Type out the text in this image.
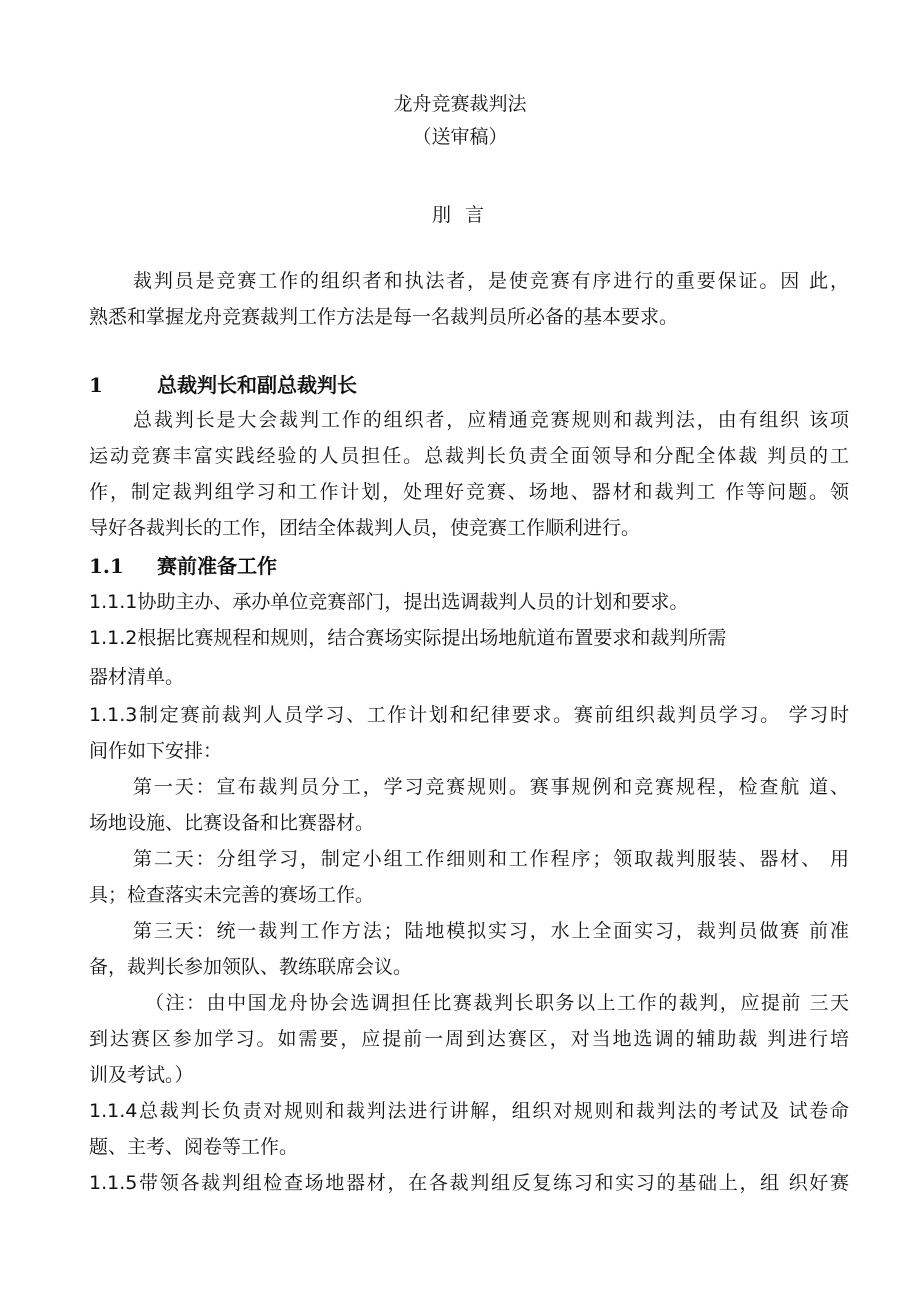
龙舟竞赛裁判法
（送审稿）
刖 言
裁判员是竞赛工作的组织者和执法者，是使竞赛有序进行的重要保证。因 此，
熟悉和掌握龙舟竞赛裁判工作方法是每一名裁判员所必备的基本要求。
1	总裁判长和副总裁判长
总裁判长是大会裁判工作的组织者，应精通竞赛规则和裁判法，由有组织 该项
运动竞赛丰富实践经验的人员担任。总裁判长负责全面领导和分配全体裁 判员的工
作，制定裁判组学习和工作计划，处理好竞赛、场地、器材和裁判工 作等问题。领
导好各裁判长的工作，团结全体裁判人员，使竞赛工作顺利进行。
1.1 赛前准备工作
1.1.1协助主办、承办单位竞赛部门，提出选调裁判人员的计划和要求。
1.1.2根据比赛规程和规则，结合赛场实际提出场地航道布置要求和裁判所需
器材清单。
1.1.3制定赛前裁判人员学习、工作计划和纪律要求。赛前组织裁判员学习。 学习时
间作如下安排：
第一天：宣布裁判员分工，学习竞赛规则。赛事规例和竞赛规程，检查航 道、
场地设施、比赛设备和比赛器材。
第二天：分组学习，制定小组工作细则和工作程序；领取裁判服装、器材、 用
具；检查落实未完善的赛场工作。
第三天：统一裁判工作方法；陆地模拟实习，水上全面实习，裁判员做赛 前准
备，裁判长参加领队、教练联席会议。
（注：由中国龙舟协会选调担任比赛裁判长职务以上工作的裁判，应提前 三天
到达赛区参加学习。如需要，应提前一周到达赛区，对当地选调的辅助裁 判进行培
训及考试。）
1.1.4总裁判长负责对规则和裁判法进行讲解，组织对规则和裁判法的考试及 试卷命
题、主考、阅卷等工作。
1.1.5带领各裁判组检查场地器材，在各裁判组反复练习和实习的基础上，组 织好赛
